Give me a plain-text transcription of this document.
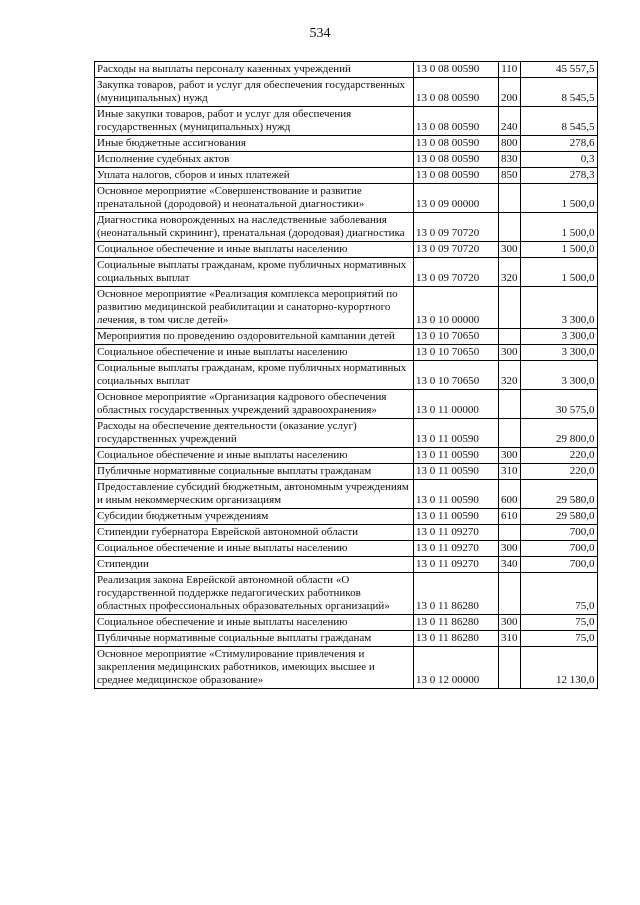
534
Расходы на выплаты персоналу казенных учреждений	13 0 08 00590	110	45 557,5
Закупка товаров, работ и услуг для обеспечения государственных (муниципальных) нужд	13 0 08 00590	200	8 545,5
Иные закупки товаров, работ и услуг для обеспечения государственных (муниципальных) нужд	13 0 08 00590	240	8 545,5
Иные бюджетные ассигнования	13 0 08 00590	800	278,6
Исполнение судебных актов	13 0 08 00590	830	0,3
Уплата налогов, сборов и иных платежей	13 0 08 00590	850	278,3
Основное мероприятие «Совершенствование и развитие пренатальной (дородовой) и неонатальной диагностики»	13 0 09 00000		1 500,0
Диагностика новорожденных на наследственные заболевания (неонатальный скрининг), пренатальная (дородовая) диагностика	13 0 09 70720		1 500,0
Социальное обеспечение и иные выплаты населению	13 0 09 70720	300	1 500,0
Социальные выплаты гражданам, кроме публичных нормативных социальных выплат	13 0 09 70720	320	1 500,0
Основное мероприятие «Реализация комплекса мероприятий по развитию медицинской реабилитации и санаторно-курортного лечения, в том числе детей»	13 0 10 00000		3 300,0
Мероприятия по проведению оздоровительной кампании детей	13 0 10 70650		3 300,0
Социальное обеспечение и иные выплаты населению	13 0 10 70650	300	3 300,0
Социальные выплаты гражданам, кроме публичных нормативных социальных выплат	13 0 10 70650	320	3 300,0
Основное мероприятие «Организация кадрового обеспечения областных государственных учреждений здравоохранения»	13 0 11 00000		30 575,0
Расходы на обеспечение деятельности (оказание услуг) государственных учреждений	13 0 11 00590		29 800,0
Социальное обеспечение и иные выплаты населению	13 0 11 00590	300	220,0
Публичные нормативные социальные выплаты гражданам	13 0 11 00590	310	220,0
Предоставление субсидий бюджетным, автономным учреждениям и иным некоммерческим организациям	13 0 11 00590	600	29 580,0
Субсидии бюджетным учреждениям	13 0 11 00590	610	29 580,0
Стипендии губернатора Еврейской автономной области	13 0 11 09270		700,0
Социальное обеспечение и иные выплаты населению	13 0 11 09270	300	700,0
Стипендии	13 0 11 09270	340	700,0
Реализация закона Еврейской автономной области «О государственной поддержке педагогических работников областных профессиональных образовательных организаций»	13 0 11 86280		75,0
Социальное обеспечение и иные выплаты населению	13 0 11 86280	300	75,0
Публичные нормативные социальные выплаты гражданам	13 0 11 86280	310	75,0
Основное мероприятие «Стимулирование привлечения и закрепления медицинских работников, имеющих высшее и среднее медицинское образование»	13 0 12 00000		12 130,0
